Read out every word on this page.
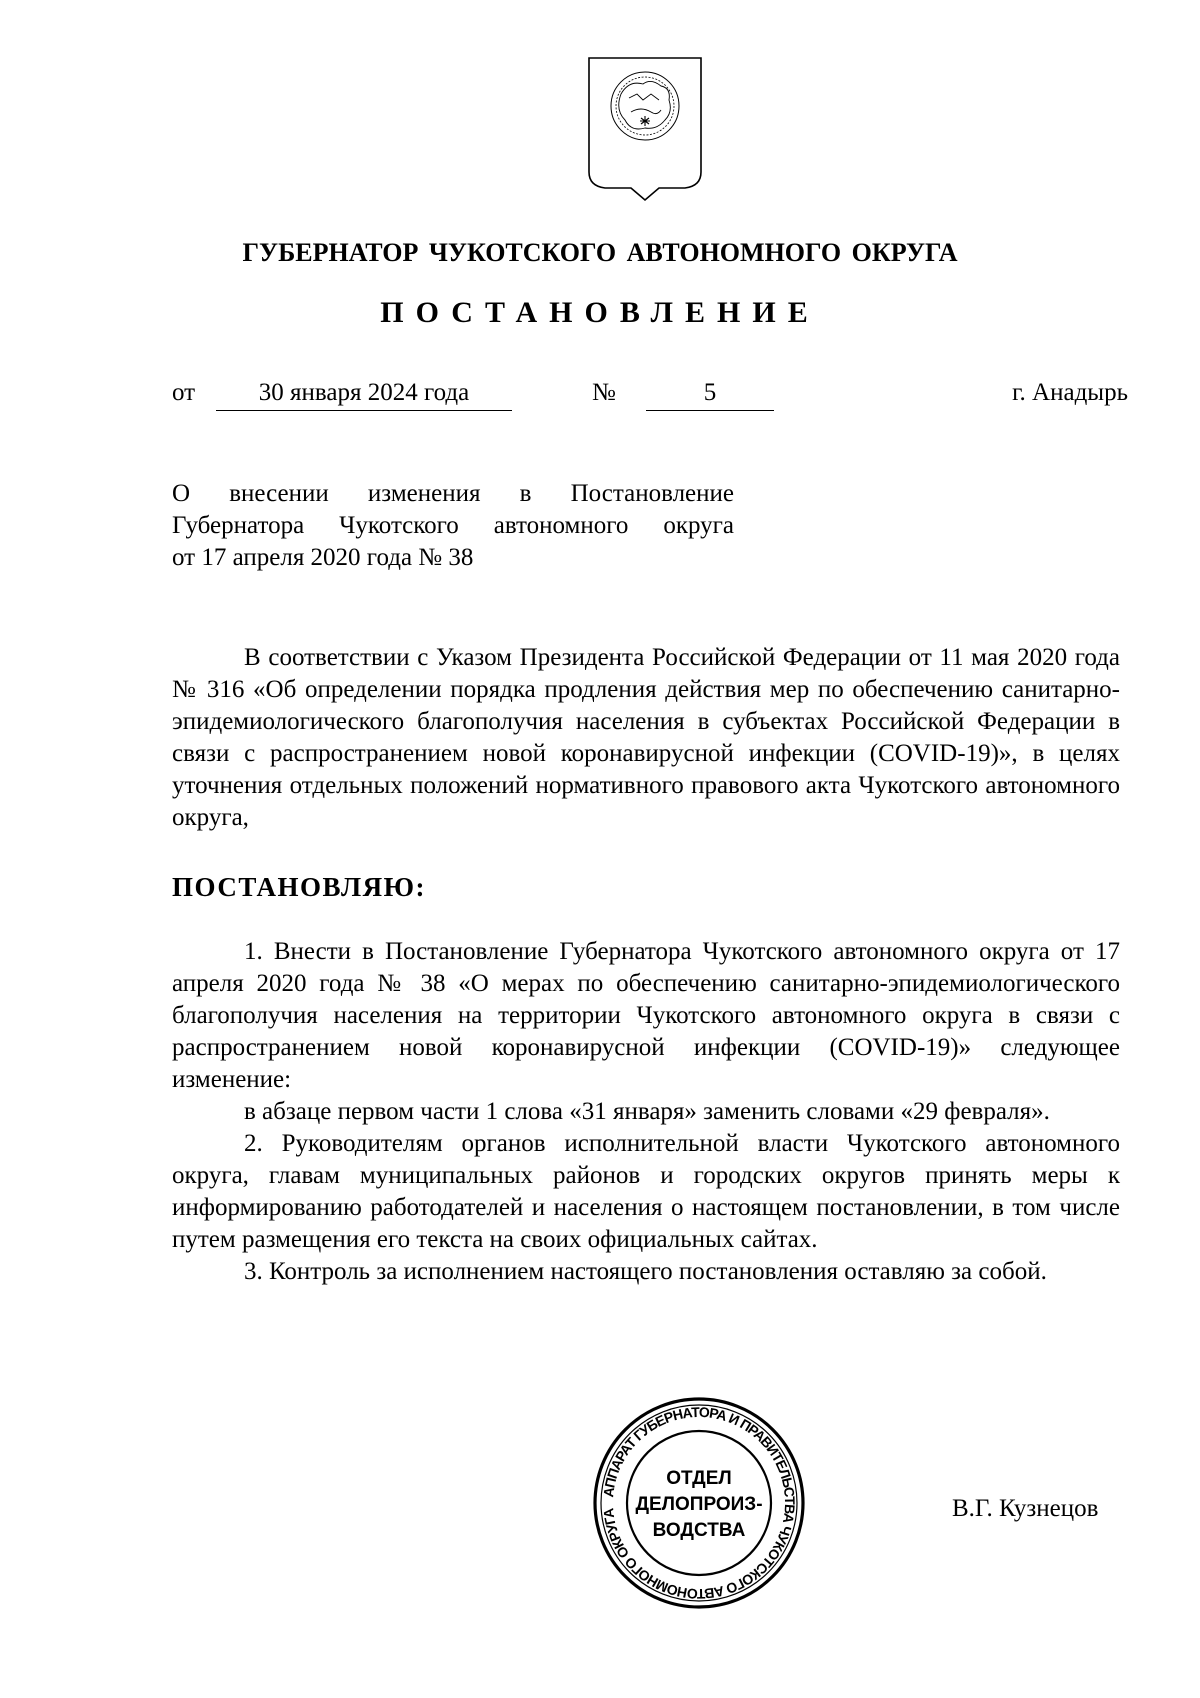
ГУБЕРНАТОР ЧУКОТСКОГО АВТОНОМНОГО ОКРУГА
ПОСТАНОВЛЕНИЕ
от	30 января 2024 года	№	5	г. Анадырь
О внесении изменения в Постановление
Губернатора Чукотского автономного округа
от 17 апреля 2020 года № 38

В соответствии с Указом Президента Российской Федерации от 11 мая 2020 года № 316 «Об определении порядка продления действия мер по обеспечению санитарно-эпидемиологического благополучия населения в субъектах Российской Федерации в связи с распространением новой коронавирусной инфекции (COVID-19)», в целях уточнения отдельных положений нормативного правового акта Чукотского автономного округа,

ПОСТАНОВЛЯЮ:

1. Внести в Постановление Губернатора Чукотского автономного округа от 17 апреля 2020 года № 38 «О мерах по обеспечению санитарно-эпидемиологического благополучия населения на территории Чукотского автономного округа в связи с распространением новой коронавирусной инфекции (COVID-19)» следующее изменение:

в абзаце первом части 1 слова «31 января» заменить словами «29 февраля».

2. Руководителям органов исполнительной власти Чукотского автономного округа, главам муниципальных районов и городских округов принять меры к информированию работодателей и населения о настоящем постановлении, в том числе путем размещения его текста на своих официальных сайтах.

3. Контроль за исполнением настоящего постановления оставляю за собой.

АППАРАТ ГУБЕРНАТОРА И ПРАВИТЕЛЬСТВА ЧУКОТСКОГО АВТОНОМНОГО ОКРУГА
ОТДЕЛ
ДЕЛОПРОИЗ-
ВОДСТВА
В.Г. Кузнецов
